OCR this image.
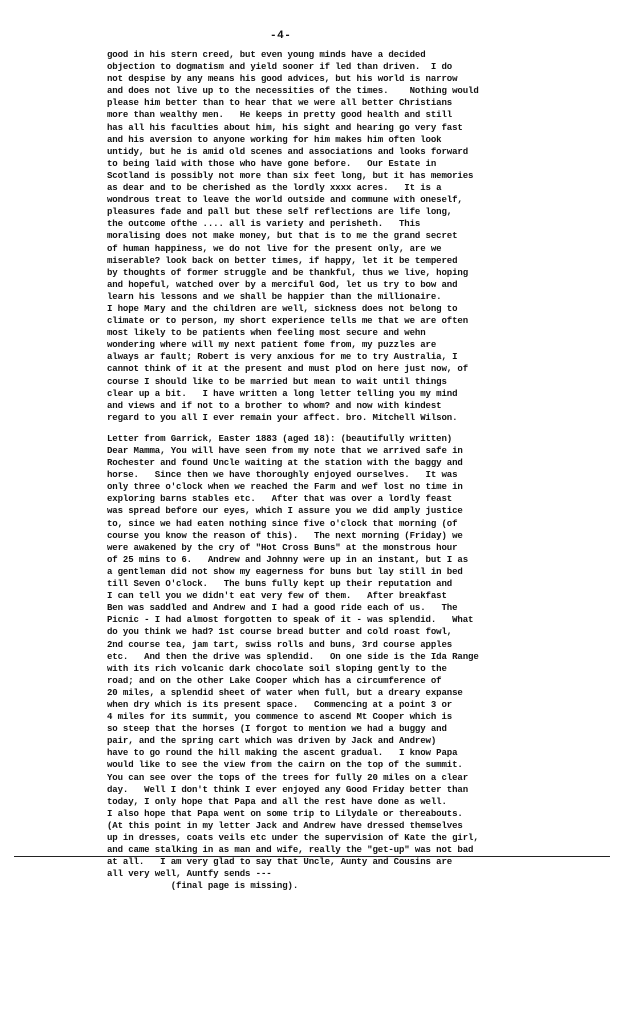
-4-
good in his stern creed, but even young minds have a decided
objection to dogmatism and yield sooner if led than driven.  I do
not despise by any means his good advices, but his world is narrow
and does not live up to the necessities of the times.    Nothing would
please him better than to hear that we were all better Christians
more than wealthy men.   He keeps in pretty good health and still
has all his faculties about him, his sight and hearing go very fast
and his aversion to anyone working for him makes him often look
untidy, but he is amid old scenes and associations and looks forward
to being laid with those who have gone before.   Our Estate in
Scotland is possibly not more than six feet long, but it has memories
as dear and to be cherished as the lordly xxxx acres.   It is a
wondrous treat to leave the world outside and commune with oneself,
pleasures fade and pall but these self reflections are life long,
the outcome ofthe .... all is variety and perisheth.   This
moralising does not make money, but that is to me the grand secret
of human happiness, we do not live for the present only, are we
miserable? look back on better times, if happy, let it be tempered
by thoughts of former struggle and be thankful, thus we live, hoping
and hopeful, watched over by a merciful God, let us try to bow and
learn his lessons and we shall be happier than the millionaire.
I hope Mary and the children are well, sickness does not belong to
climate or to person, my short experience tells me that we are often
most likely to be patients when feeling most secure and wehn
wondering where will my next patient fome from, my puzzles are
always ar fault; Robert is very anxious for me to try Australia, I
cannot think of it at the present and must plod on here just now, of
course I should like to be married but mean to wait until things
clear up a bit.   I have written a long letter telling you my mind
and views and if not to a brother to whom? and now with kindest
regard to you all I ever remain your affect. bro. Mitchell Wilson.
Letter from Garrick, Easter 1883 (aged 18): (beautifully written)
Dear Mamma, You will have seen from my note that we arrived safe in
Rochester and found Uncle waiting at the station with the baggy and
horse.   Since then we have thoroughly enjoyed ourselves.   It was
only three o'clock when we reached the Farm and wef lost no time in
exploring barns stables etc.   After that was over a lordly feast
was spread before our eyes, which I assure you we did amply justice
to, since we had eaten nothing since five o'clock that morning (of
course you know the reason of this).   The next morning (Friday) we
were awakened by the cry of "Hot Cross Buns" at the monstrous hour
of 25 mins to 6.   Andrew and Johnny were up in an instant, but I as
a gentleman did not show my eagerness for buns but lay still in bed
till Seven O'clock.   The buns fully kept up their reputation and
I can tell you we didn't eat very few of them.   After breakfast
Ben was saddled and Andrew and I had a good ride each of us.   The
Picnic - I had almost forgotten to speak of it - was splendid.   What
do you think we had? 1st course bread butter and cold roast fowl,
2nd course tea, jam tart, swiss rolls and buns, 3rd course apples
etc.   And then the drive was splendid.   On one side is the Ida Range
with its rich volcanic dark chocolate soil sloping gently to the
road; and on the other Lake Cooper which has a circumference of
20 miles, a splendid sheet of water when full, but a dreary expanse
when dry which is its present space.   Commencing at a point 3 or
4 miles for its summit, you commence to ascend Mt Cooper which is
so steep that the horses (I forgot to mention we had a buggy and
pair, and the spring cart which was driven by Jack and Andrew)
have to go round the hill making the ascent gradual.   I know Papa
would like to see the view from the cairn on the top of the summit.
You can see over the tops of the trees for fully 20 miles on a clear
day.   Well I don't think I ever enjoyed any Good Friday better than
today, I only hope that Papa and all the rest have done as well.
I also hope that Papa went on some trip to Lilydale or thereabouts.
(At this point in my letter Jack and Andrew have dressed themselves
up in dresses, coats veils etc under the supervision of Kate the girl,
and came stalking in as man and wife, really the "get-up" was not bad
at all.   I am very glad to say that Uncle, Aunty and Cousins are
all very well, Auntfy sends ---
(final page is missing).
